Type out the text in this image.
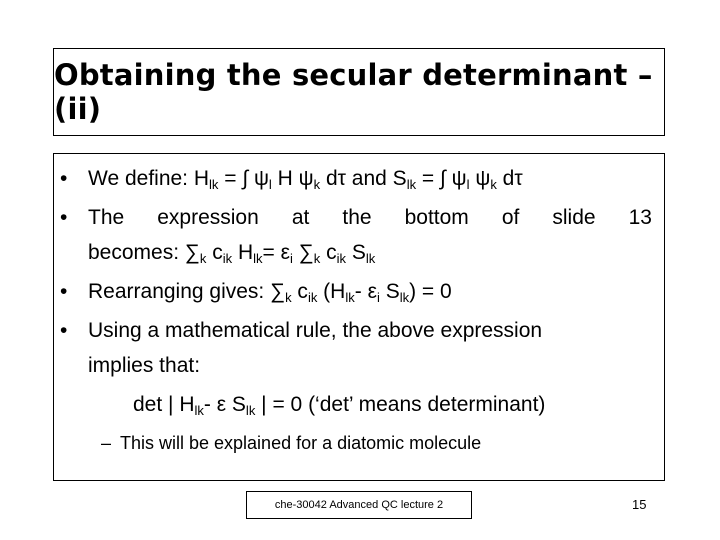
Obtaining the secular determinant – (ii)
• We define: $H_{lk}$ = ∫ $\psi_l$ H $\psi_k$ dτ and $S_{lk}$ = ∫ $\psi_l$ $\psi_k$ dτ
• The expression at the bottom of slide 13
becomes: $\sum_k$ $c_{ik}$ $H_{lk}= \varepsilon_i$ $\sum_k$ $c_{ik}$ $S_{lk}$
• Rearranging gives: $\sum_k$ $c_{ik}$ ($H_{lk}-$ $\varepsilon_i$ $S_{lk}) = 0$
• Using a mathematical rule, the above expression
implies that:
det | $H_{lk}-$ ε $S_{lk}$ | = 0 (‘det’ means determinant)
– This will be explained for a diatomic molecule
che-30042 Advanced QC lecture 2	15
